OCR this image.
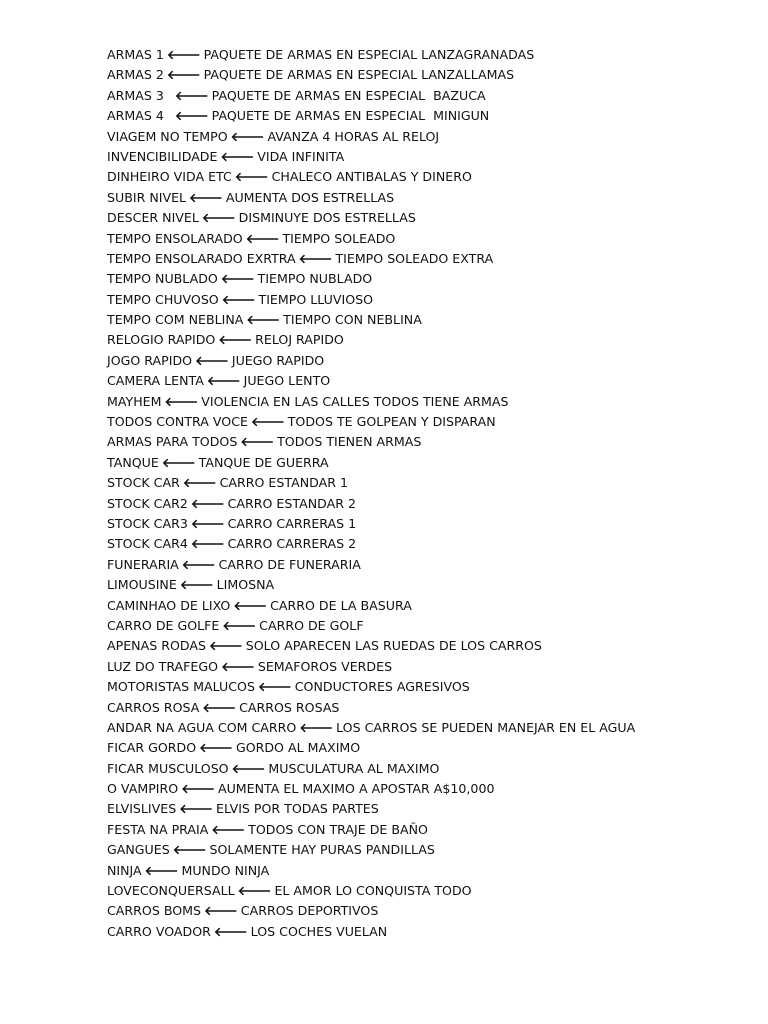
ARMAS 1 🡐 PAQUETE DE ARMAS EN ESPECIAL LANZAGRANADAS
ARMAS 2 🡐 PAQUETE DE ARMAS EN ESPECIAL LANZALLAMAS
ARMAS 3  🡐 PAQUETE DE ARMAS EN ESPECIAL  BAZUCA
ARMAS 4  🡐 PAQUETE DE ARMAS EN ESPECIAL  MINIGUN
VIAGEM NO TEMPO 🡐 AVANZA 4 HORAS AL RELOJ
INVENCIBILIDADE 🡐 VIDA INFINITA
DINHEIRO VIDA ETC 🡐 CHALECO ANTIBALAS Y DINERO
SUBIR NIVEL 🡐 AUMENTA DOS ESTRELLAS
DESCER NIVEL 🡐 DISMINUYE DOS ESTRELLAS
TEMPO ENSOLARADO 🡐 TIEMPO SOLEADO
TEMPO ENSOLARADO EXRTRA 🡐 TIEMPO SOLEADO EXTRA
TEMPO NUBLADO 🡐 TIEMPO NUBLADO
TEMPO CHUVOSO 🡐 TIEMPO LLUVIOSO
TEMPO COM NEBLINA 🡐 TIEMPO CON NEBLINA
RELOGIO RAPIDO 🡐 RELOJ RAPIDO
JOGO RAPIDO 🡐 JUEGO RAPIDO
CAMERA LENTA 🡐 JUEGO LENTO
MAYHEM 🡐 VIOLENCIA EN LAS CALLES TODOS TIENE ARMAS
TODOS CONTRA VOCE 🡐 TODOS TE GOLPEAN Y DISPARAN
ARMAS PARA TODOS 🡐 TODOS TIENEN ARMAS
TANQUE 🡐 TANQUE DE GUERRA
STOCK CAR 🡐 CARRO ESTANDAR 1
STOCK CAR2 🡐 CARRO ESTANDAR 2
STOCK CAR3 🡐 CARRO CARRERAS 1
STOCK CAR4 🡐 CARRO CARRERAS 2
FUNERARIA 🡐 CARRO DE FUNERARIA
LIMOUSINE 🡐 LIMOSNA
CAMINHAO DE LIXO 🡐 CARRO DE LA BASURA
CARRO DE GOLFE 🡐 CARRO DE GOLF
APENAS RODAS 🡐 SOLO APARECEN LAS RUEDAS DE LOS CARROS
LUZ DO TRAFEGO 🡐 SEMAFOROS VERDES
MOTORISTAS MALUCOS 🡐 CONDUCTORES AGRESIVOS
CARROS ROSA 🡐 CARROS ROSAS
ANDAR NA AGUA COM CARRO 🡐 LOS CARROS SE PUEDEN MANEJAR EN EL AGUA
FICAR GORDO 🡐 GORDO AL MAXIMO
FICAR MUSCULOSO 🡐 MUSCULATURA AL MAXIMO
O VAMPIRO 🡐 AUMENTA EL MAXIMO A APOSTAR A$10,000
ELVISLIVES 🡐 ELVIS POR TODAS PARTES
FESTA NA PRAIA 🡐 TODOS CON TRAJE DE BAÑO
GANGUES 🡐 SOLAMENTE HAY PURAS PANDILLAS
NINJA 🡐 MUNDO NINJA
LOVECONQUERSALL 🡐 EL AMOR LO CONQUISTA TODO
CARROS BOMS 🡐 CARROS DEPORTIVOS
CARRO VOADOR 🡐 LOS COCHES VUELAN
